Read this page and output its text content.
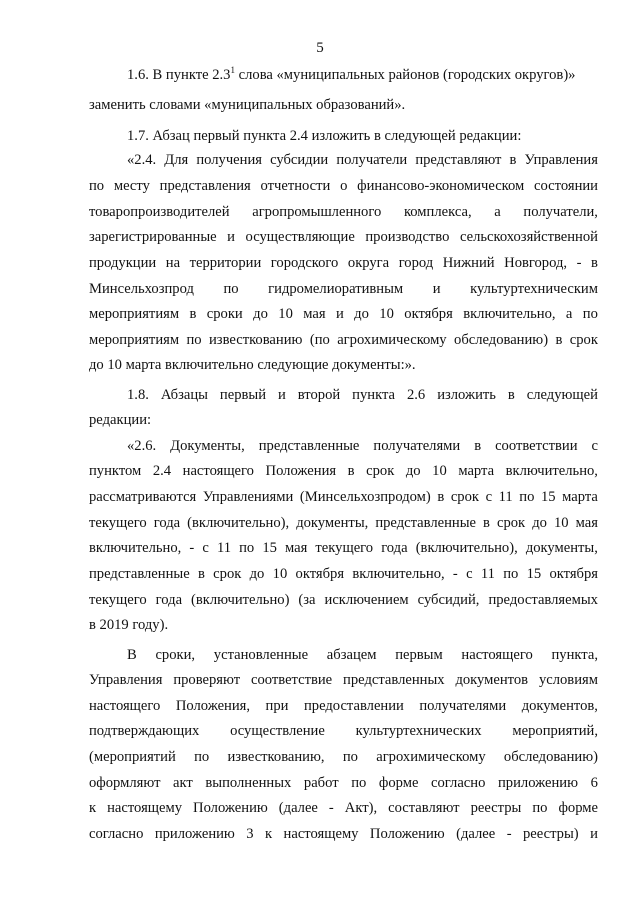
5
1.6. В пункте $2.3^1$ слова «муниципальных районов (городских округов)»
заменить словами «муниципальных образований».
1.7. Абзац первый пункта 2.4 изложить в следующей редакции:
«2.4. Для получения субсидии получатели представляют в Управления
по месту представления отчетности о финансово-экономическом состоянии
товаропроизводителей агропромышленного комплекса, а получатели,
зарегистрированные и осуществляющие производство сельскохозяйственной
продукции на территории городского округа город Нижний Новгород, - в
Минсельхозпрод по гидромелиоративным и культуртехническим
мероприятиям в сроки до 10 мая и до 10 октября включительно, а по
мероприятиям по известкованию (по агрохимическому обследованию) в срок
до 10 марта включительно следующие документы:».
1.8. Абзацы первый и второй пункта 2.6 изложить в следующей
редакции:
«2.6. Документы, представленные получателями в соответствии с
пунктом 2.4 настоящего Положения в срок до 10 марта включительно,
рассматриваются Управлениями (Минсельхозпродом) в срок с 11 по 15 марта
текущего года (включительно), документы, представленные в срок до 10 мая
включительно, - с 11 по 15 мая текущего года (включительно), документы,
представленные в срок до 10 октября включительно, - с 11 по 15 октября
текущего года (включительно) (за исключением субсидий, предоставляемых
в 2019 году).
В сроки, установленные абзацем первым настоящего пункта,
Управления проверяют соответствие представленных документов условиям
настоящего Положения, при предоставлении получателями документов,
подтверждающих осуществление культуртехнических мероприятий,
(мероприятий по известкованию, по агрохимическому обследованию)
оформляют акт выполненных работ по форме согласно приложению 6
к настоящему Положению (далее - Акт), составляют реестры по форме
согласно приложению 3 к настоящему Положению (далее - реестры) и
